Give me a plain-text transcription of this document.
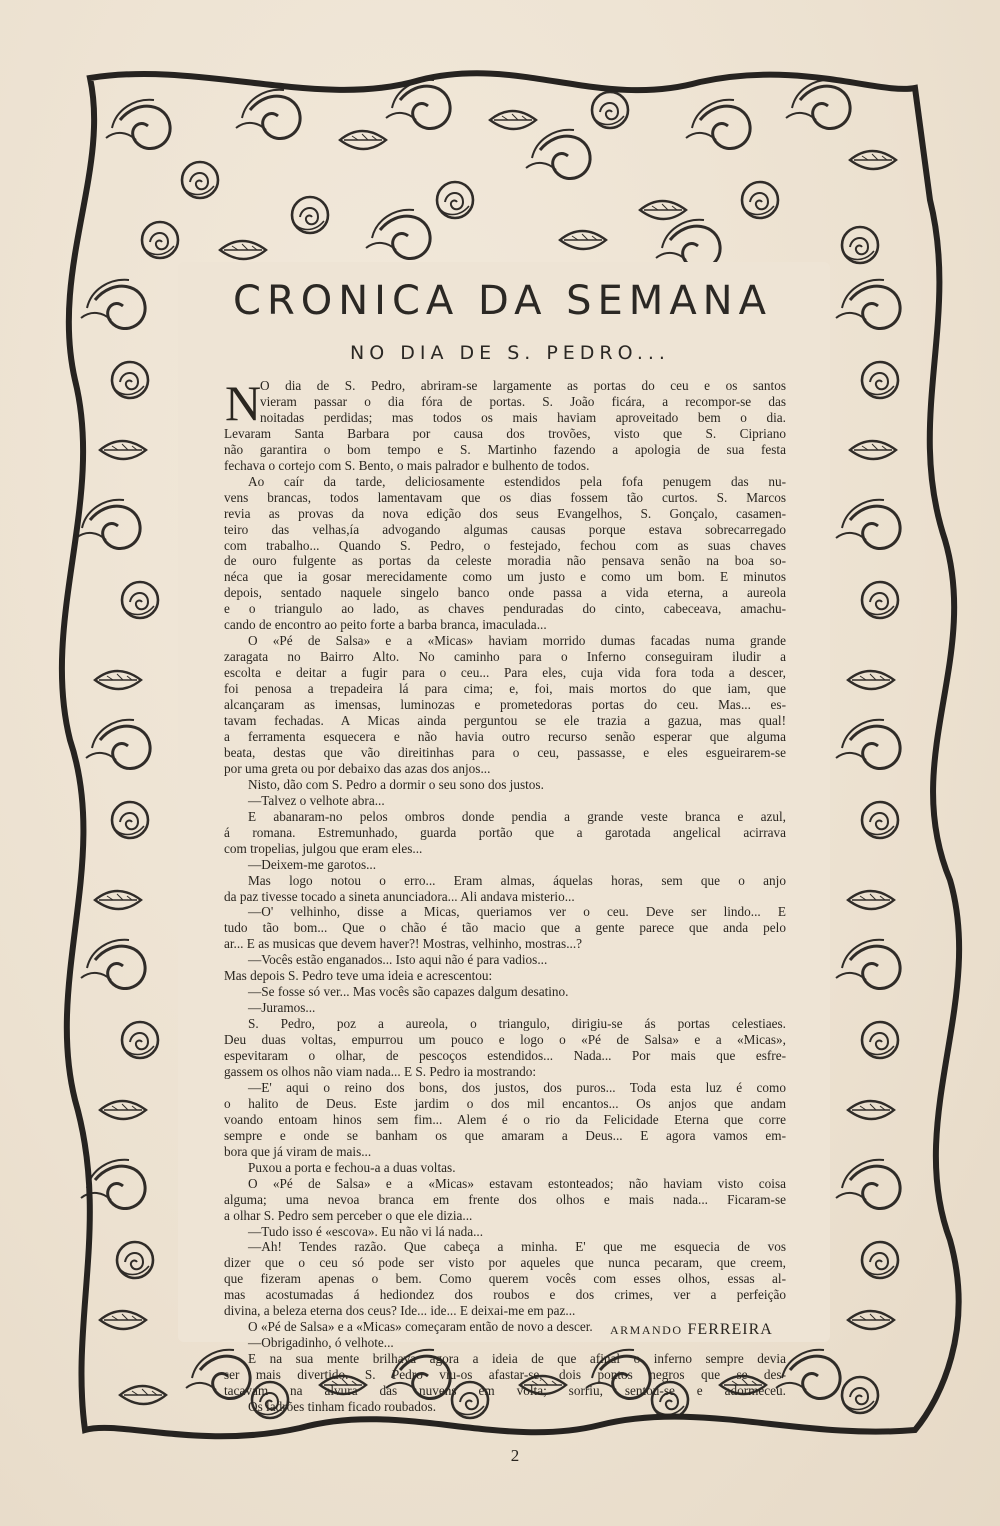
CRONICA DA SEMANA
NO DIA DE S. PEDRO...
N
O dia de S. Pedro, abriram-se largamente as portas do ceu e os santos
vieram passar o dia fóra de portas. S. João ficára, a recompor-se das
noitadas perdidas; mas todos os mais haviam aproveitado bem o dia.
Levaram Santa Barbara por causa dos trovões, visto que S. Cipriano
não garantira o bom tempo e S. Martinho fazendo a apologia de sua festa
fechava o cortejo com S. Bento, o mais palrador e bulhento de todos.
Ao caír da tarde, deliciosamente estendidos pela fofa penugem das nu-
vens brancas, todos lamentavam que os dias fossem tão curtos. S. Marcos
revia as provas da nova edição dos seus Evangelhos, S. Gonçalo, casamen-
teiro das velhas,ía advogando algumas causas porque estava sobrecarregado
com trabalho... Quando S. Pedro, o festejado, fechou com as suas chaves
de ouro fulgente as portas da celeste moradia não pensava senão na boa so-
néca que ia gosar merecidamente como um justo e como um bom. E minutos
depois, sentado naquele singelo banco onde passa a vida eterna, a aureola
e o triangulo ao lado, as chaves penduradas do cinto, cabeceava, amachu-
cando de encontro ao peito forte a barba branca, imaculada...
O «Pé de Salsa» e a «Micas» haviam morrido dumas facadas numa grande
zaragata no Bairro Alto. No caminho para o Inferno conseguiram iludir a
escolta e deitar a fugir para o ceu... Para eles, cuja vida fora toda a descer,
foi penosa a trepadeira lá para cima; e, foi, mais mortos do que iam, que
alcançaram as imensas, luminozas e prometedoras portas do ceu. Mas... es-
tavam fechadas. A Micas ainda perguntou se ele trazia a gazua, mas qual!
a ferramenta esquecera e não havia outro recurso senão esperar que alguma
beata, destas que vão direitinhas para o ceu, passasse, e eles esgueirarem-se
por uma greta ou por debaixo das azas dos anjos...
Nisto, dão com S. Pedro a dormir o seu sono dos justos.
—Talvez o velhote abra...
E abanaram-no pelos ombros donde pendia a grande veste branca e azul,
á romana. Estremunhado, guarda portão que a garotada angelical acirrava
com tropelias, julgou que eram eles...
—Deixem-me garotos...
Mas logo notou o erro... Eram almas, áquelas horas, sem que o anjo
da paz tivesse tocado a sineta anunciadora... Ali andava misterio...
—O' velhinho, disse a Micas, queriamos ver o ceu. Deve ser lindo... E
tudo tão bom... Que o chão é tão macio que a gente parece que anda pelo
ar... E as musicas que devem haver?! Mostras, velhinho, mostras...?
—Vocês estão enganados... Isto aqui não é para vadios...
Mas depois S. Pedro teve uma ideia e acrescentou:
—Se fosse só ver... Mas vocês são capazes dalgum desatino.
—Juramos...
S. Pedro, poz a aureola, o triangulo, dirigiu-se ás portas celestiaes.
Deu duas voltas, empurrou um pouco e logo o «Pé de Salsa» e a «Micas»,
espevitaram o olhar, de pescoços estendidos... Nada... Por mais que esfre-
gassem os olhos não viam nada... E S. Pedro ia mostrando:
—E' aqui o reino dos bons, dos justos, dos puros... Toda esta luz é como
o halito de Deus. Este jardim o dos mil encantos... Os anjos que andam
voando entoam hinos sem fim... Alem é o rio da Felicidade Eterna que corre
sempre e onde se banham os que amaram a Deus... E agora vamos em-
bora que já viram de mais...
Puxou a porta e fechou-a a duas voltas.
O «Pé de Salsa» e a «Micas» estavam estonteados; não haviam visto coisa
alguma; uma nevoa branca em frente dos olhos e mais nada... Ficaram-se
a olhar S. Pedro sem perceber o que ele dizia...
—Tudo isso é «escova». Eu não vi lá nada...
—Ah! Tendes razão. Que cabeça a minha. E' que me esquecia de vos
dizer que o ceu só pode ser visto por aqueles que nunca pecaram, que creem,
que fizeram apenas o bem. Como querem vocês com esses olhos, essas al-
mas acostumadas á hediondez dos roubos e dos crimes, ver a perfeição
divina, a beleza eterna dos ceus? Ide... ide... E deixai-me em paz...
O «Pé de Salsa» e a «Micas» começaram então de novo a descer.
—Obrigadinho, ó velhote...
E na sua mente brilhava agora a ideia de que afinal o inferno sempre devia
ser mais divertido. S. Pedro viu-os afastar-se, dois pontos negros que se des-
tacavam na alvura das nuvens em volta; sorriu, sentou-se e adormeceu.
Os ladrões tinham ficado roubados.
ARMANDO FERREIRA
2
